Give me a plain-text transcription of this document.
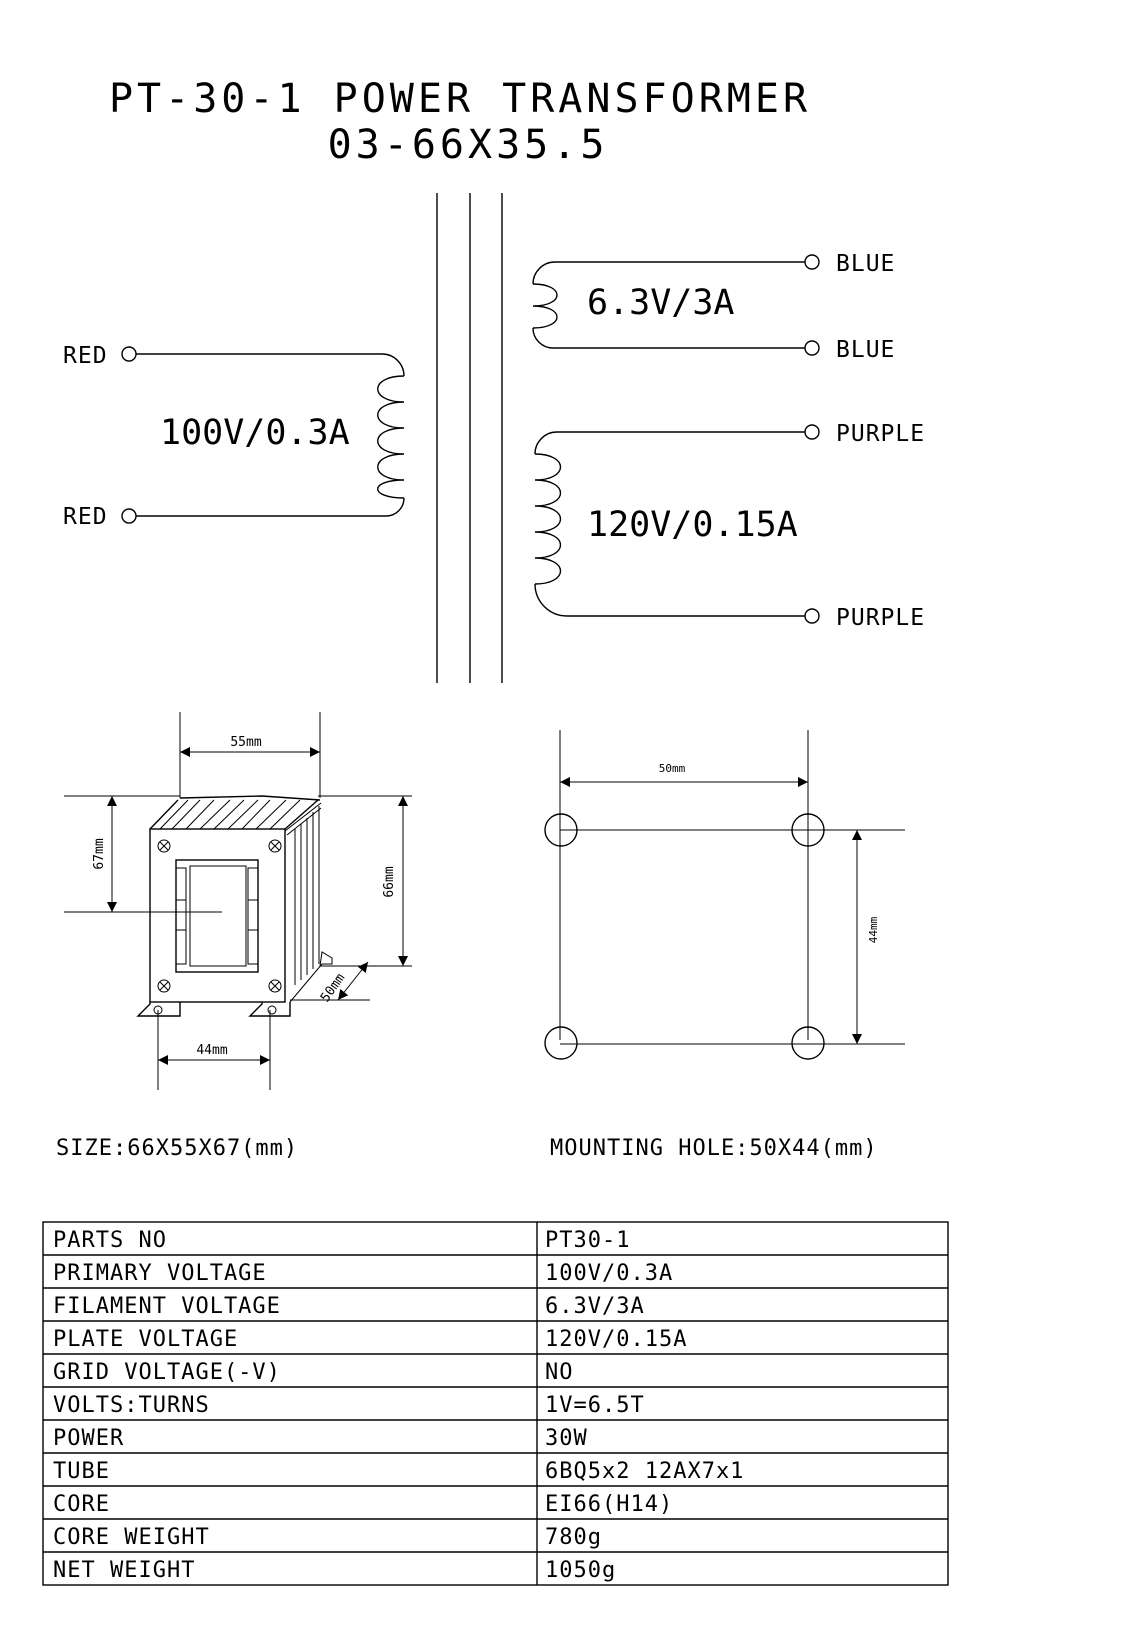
PT-30-1 POWER TRANSFORMER
03-66X35.5
RED
RED
100V/0.3A
BLUE
BLUE
6.3V/3A
PURPLE
PURPLE
120V/0.15A
55mm
67mm
66mm
50mm
44mm
50mm
44mm
SIZE:66X55X67(mm)	MOUNTING HOLE:50X44(mm)
PARTS NO	PT30-1
PRIMARY VOLTAGE	100V/0.3A
FILAMENT VOLTAGE	6.3V/3A
PLATE VOLTAGE	120V/0.15A
GRID VOLTAGE(-V)	NO
VOLTS:TURNS	1V=6.5T
POWER	30W
TUBE	6BQ5x2 12AX7x1
CORE	EI66(H14)
CORE WEIGHT	780g
NET WEIGHT	1050g
